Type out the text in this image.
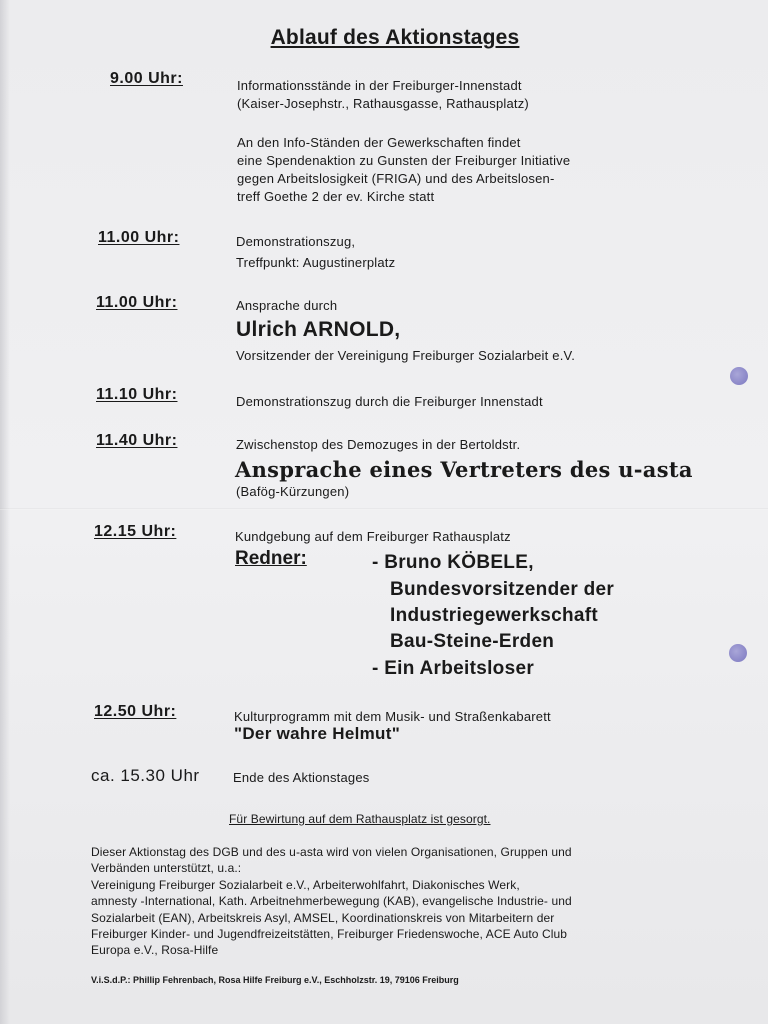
Ablauf des Aktionstages
9.00 Uhr:	Informationsstände in der Freiburger-Innenstadt
(Kaiser-Josephstr., Rathausgasse, Rathausplatz)
An den Info-Ständen der Gewerkschaften findet
eine Spendenaktion zu Gunsten der Freiburger Initiative
gegen Arbeitslosigkeit (FRIGA) und des Arbeitslosen-
treff Goethe 2 der ev. Kirche statt
11.00 Uhr:	Demonstrationszug,
Treffpunkt: Augustinerplatz
11.00 Uhr:	Ansprache durch
Ulrich ARNOLD,
Vorsitzender der Vereinigung Freiburger Sozialarbeit e.V.
11.10 Uhr:	Demonstrationszug durch die Freiburger Innenstadt
11.40 Uhr:	Zwischenstop des Demozuges in der Bertoldstr.
Ansprache eines Vertreters des u-asta
(Bafög-Kürzungen)
12.15 Uhr:	Kundgebung auf dem Freiburger Rathausplatz
Redner:	- Bruno KÖBELE,
Bundesvorsitzender der
Industriegewerkschaft
Bau-Steine-Erden
- Ein Arbeitsloser
12.50 Uhr:	Kulturprogramm mit dem Musik- und Straßenkabarett
"Der wahre Helmut"
ca. 15.30 Uhr	Ende des Aktionstages
Für Bewirtung auf dem Rathausplatz ist gesorgt.
Dieser Aktionstag des DGB und des u-asta wird von vielen Organisationen, Gruppen und
Verbänden unterstützt, u.a.:
Vereinigung Freiburger Sozialarbeit e.V., Arbeiterwohlfahrt, Diakonisches Werk,
amnesty -International, Kath. Arbeitnehmerbewegung (KAB), evangelische Industrie- und
Sozialarbeit (EAN), Arbeitskreis Asyl, AMSEL, Koordinationskreis von Mitarbeitern der
Freiburger Kinder- und Jugendfreizeitstätten, Freiburger Friedenswoche, ACE Auto Club
Europa e.V., Rosa-Hilfe
V.i.S.d.P.: Phillip Fehrenbach, Rosa Hilfe Freiburg e.V., Eschholzstr. 19, 79106 Freiburg
